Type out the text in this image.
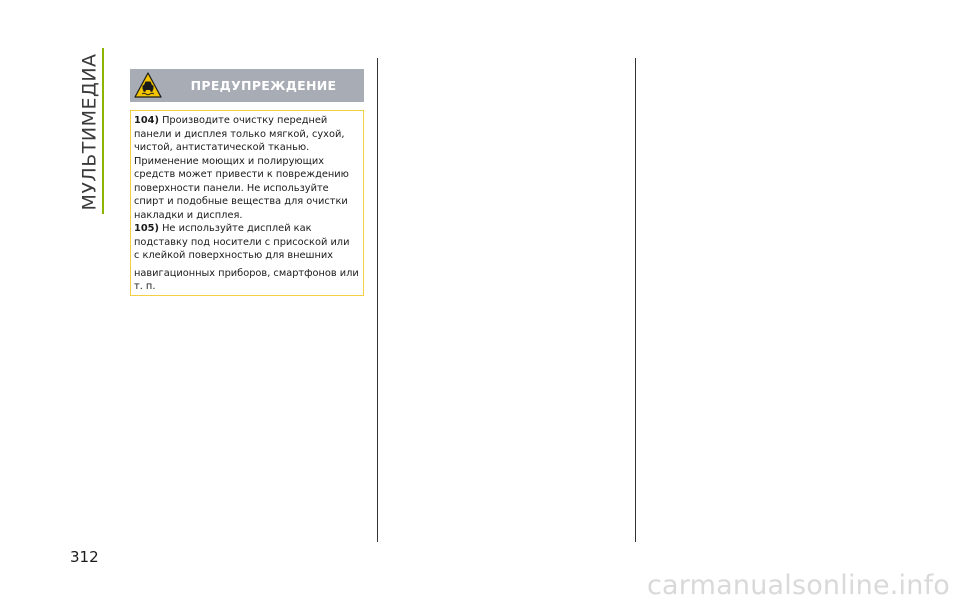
МУЛЬТИМЕДИА	ПРЕДУПРЕЖДЕНИЕ

104) Производите очистку передней
панели и дисплея только мягкой, сухой,
чистой, антистатической тканью.
Применение моющих и полирующих
средств может привести к повреждению
поверхности панели. Не используйте
спирт и подобные вещества для очистки
накладки и дисплея.

105) Не используйте дисплей как
подставку под носители с присоской или
с клейкой поверхностью для внешних
навигационных приборов, смартфонов или
т. п.

312
carmanualsonline.info
